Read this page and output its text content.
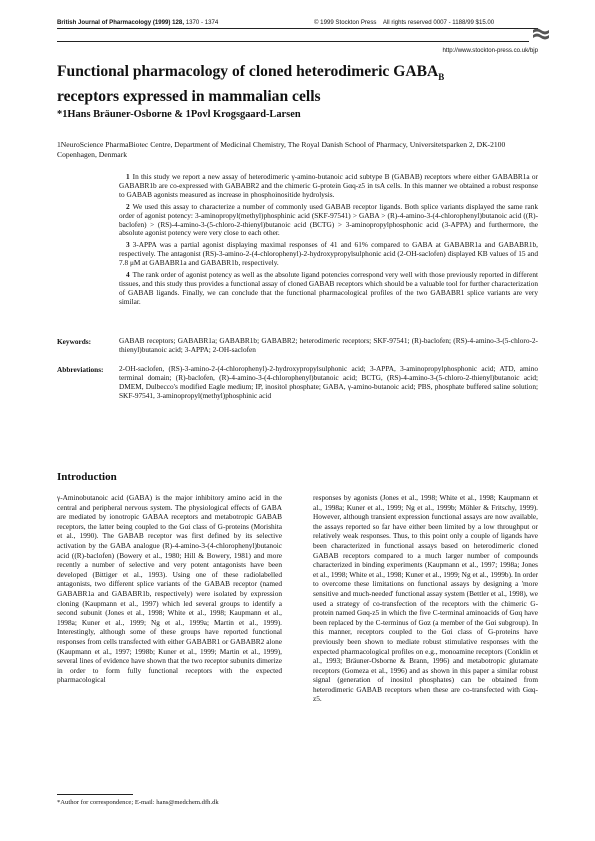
British Journal of Pharmacology (1999) 128, 1370 - 1374	© 1999 Stockton Press All rights reserved 0007 - 1188/99 $15.00
http://www.stockton-press.co.uk/bjp
Functional pharmacology of cloned heterodimeric $GABA_B$
receptors expressed in mammalian cells
*1Hans Bräuner-Osborne & 1Povl Krogsgaard-Larsen
1NeuroScience PharmaBiotec Centre, Department of Medicinal Chemistry, The Royal Danish School of Pharmacy, Universitetsparken 2, DK-2100 Copenhagen, Denmark

1 In this study we report a new assay of heterodimeric γ-amino-butanoic acid subtype B (GABAB) receptors where either GABABR1a or GABABR1b are co-expressed with GABABR2 and the chimeric G-protein Gαq-z5 in tsA cells. In this manner we obtained a robust response to GABAB agonists measured as increase in phosphoinositide hydrolysis.

2 We used this assay to characterize a number of commonly used GABAB receptor ligands. Both splice variants displayed the same rank order of agonist potency: 3-aminopropyl(methyl)phosphinic acid (SKF-97541) > GABA > (R)-4-amino-3-(4-chlorophenyl)butanoic acid ((R)-baclofen) > (RS)-4-amino-3-(5-chloro-2-thienyl)butanoic acid (BCTG) > 3-aminopropylphosphonic acid (3-APPA) and furthermore, the absolute agonist potency were very close to each other.

3 3-APPA was a partial agonist displaying maximal responses of 41 and 61% compared to GABA at GABABR1a and GABABR1b, respectively. The antagonist (RS)-3-amino-2-(4-chlorophenyl)-2-hydroxypropylsulphonic acid (2-OH-saclofen) displayed KB values of 15 and 7.8 μM at GABABR1a and GABABR1b, respectively.

4 The rank order of agonist potency as well as the absolute ligand potencies correspond very well with those previously reported in different tissues, and this study thus provides a functional assay of cloned GABAB receptors which should be a valuable tool for further characterization of GABAB ligands. Finally, we can conclude that the functional pharmacological profiles of the two GABABR1 splice variants are very similar.

Keywords:	GABAB receptors; GABABR1a; GABABR1b; GABABR2; heterodimeric receptors; SKF-97541; (R)-baclofen; (RS)-4-amino-3-(5-chloro-2-thienyl)butanoic acid; 3-APPA; 2-OH-saclofen
Abbreviations: 2-OH-saclofen, (RS)-3-amino-2-(4-chlorophenyl)-2-hydroxypropylsulphonic acid; 3-APPA, 3-aminopropylphosphonic acid; ATD, amino terminal domain; (R)-baclofen, (R)-4-amino-3-(4-chlorophenyl)butanoic acid; BCTG, (RS)-4-amino-3-(5-chloro-2-thienyl)butanoic acid; DMEM, Dulbecco's modified Eagle medium; IP, inositol phosphate; GABA, γ-amino-butanoic acid; PBS, phosphate buffered saline solution; SKF-97541, 3-aminopropyl(methyl)phosphinic acid
Introduction

γ-Aminobutanoic acid (GABA) is the major inhibitory amino acid in the central and peripheral nervous system. The physiological effects of GABA are mediated by ionotropic GABAA receptors and metabotropic GABAB receptors, the latter being coupled to the Gαi class of G-proteins (Morishita et al., 1990). The GABAB receptor was first defined by its selective activation by the GABA analogue (R)-4-amino-3-(4-chlorophenyl)butanoic acid ((R)-baclofen) (Bowery et al., 1980; Hill & Bowery, 1981) and more recently a number of selective and very potent antagonists have been developed (Bittiger et al., 1993). Using one of these radiolabelled antagonists, two different splice variants of the GABAB receptor (named GABABR1a and GABABR1b, respectively) were isolated by expression cloning (Kaupmann et al., 1997) which led several groups to identify a second subunit (Jones et al., 1998; White et al., 1998; Kaupmann et al., 1998a; Kuner et al., 1999; Ng et al., 1999a; Martin et al., 1999). Interestingly, although some of these groups have reported functional responses from cells transfected with either GABABR1 or GABABR2 alone (Kaupmann et al., 1997; 1998b; Kuner et al., 1999; Martin et al., 1999), several lines of evidence have shown that the two receptor subunits dimerize in order to form fully functional receptors with the expected pharmacological

responses by agonists (Jones et al., 1998; White et al., 1998; Kaupmann et al., 1998a; Kuner et al., 1999; Ng et al., 1999b; Möhler & Fritschy, 1999). However, although transient expression functional assays are now available, the assays reported so far have either been limited by a low throughput or relatively weak responses. Thus, to this point only a couple of ligands have been characterized in functional assays based on heterodimeric cloned GABAB receptors compared to a much larger number of compounds characterized in binding experiments (Kaupmann et al., 1997; 1998a; Jones et al., 1998; White et al., 1998; Kuner et al., 1999; Ng et al., 1999b). In order to overcome these limitations on functional assays by designing a 'more sensitive and much-needed' functional assay system (Bettler et al., 1998), we used a strategy of co-transfection of the receptors with the chimeric G-protein named Gαq-z5 in which the five C-terminal aminoacids of Gαq have been replaced by the C-terminus of Gαz (a member of the Gαi subgroup). In this manner, receptors coupled to the Gαi class of G-proteins have previously been shown to mediate robust stimulative responses with the expected pharmacological profiles on e.g., monoamine receptors (Conklin et al., 1993; Bräuner-Osborne & Brann, 1996) and metabotropic glutamate receptors (Gomeza et al., 1996) and as shown in this paper a similar robust signal (generation of inositol phosphates) can be obtained from heterodimeric GABAB receptors when these are co-transfected with Gαq-z5.

*Author for correspondence; E-mail: hans@medchem.dfh.dk
